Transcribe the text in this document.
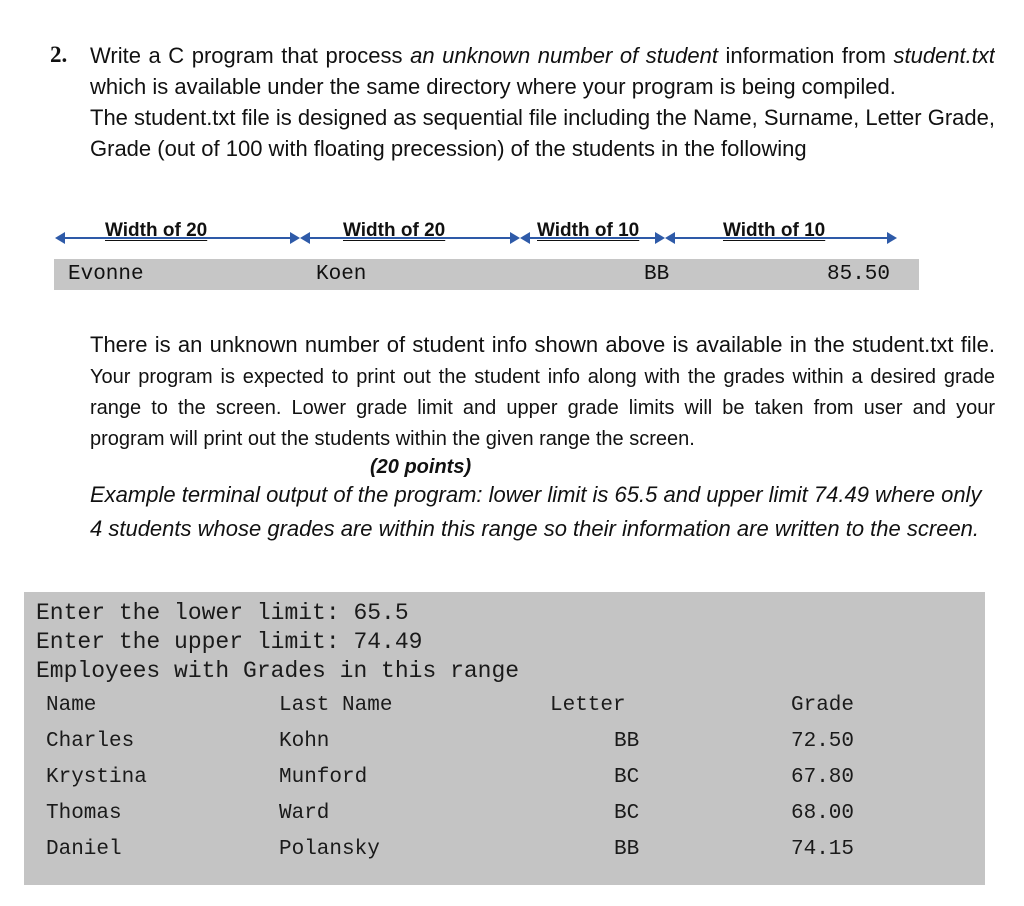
2. Write a C program that process an unknown number of student information from student.txt which is available under the same directory where your program is being compiled.
The student.txt file is designed as sequential file including the Name, Surname, Letter Grade, Grade (out of 100 with floating precession) of the students in the following
Width of 20	Width of 20	Width of 10	Width of 10
Evonne	Koen	BB	85.50
There is an unknown number of student info shown above is available in the student.txt file. Your program is expected to print out the student info along with the grades within a desired grade range to the screen. Lower grade limit and upper grade limits will be taken from user and your program will print out the students within the given range the screen.
(20 points)
Example terminal output of the program: lower limit is 65.5 and upper limit 74.49 where only 4 students whose grades are within this range so their information are written to the screen.
Enter the lower limit: 65.5
Enter the upper limit: 74.49
Employees with Grades in this range
Name	Last Name	Letter	Grade
Charles	Kohn	BB	72.50
Krystina	Munford	BC	67.80
Thomas	Ward	BC	68.00
Daniel	Polansky	BB	74.15
